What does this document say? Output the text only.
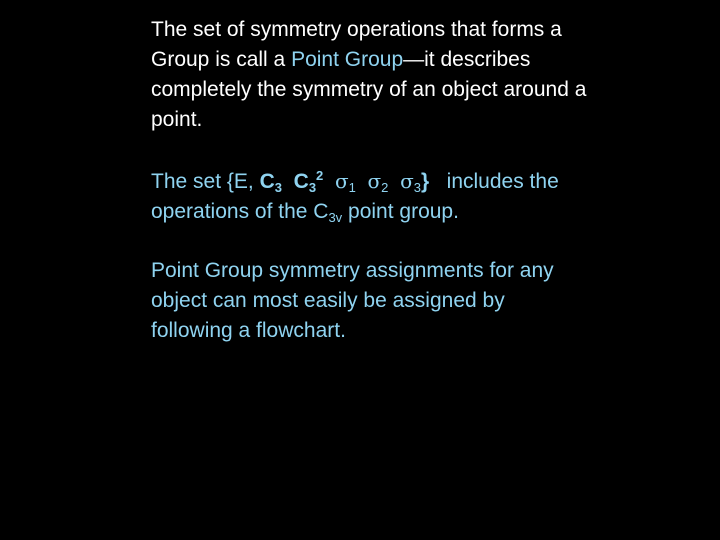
The set of symmetry operations that forms a
Group is call a Point Group—it describes
completely the symmetry of an object around a
point.

The set {E, $C_3$ $C_3^2$ $\sigma_1$ $\sigma_2$ $\sigma_3$} includes the
operations of the $C_{3v}$ point group.

Point Group symmetry assignments for any
object can most easily be assigned by
following a flowchart.
